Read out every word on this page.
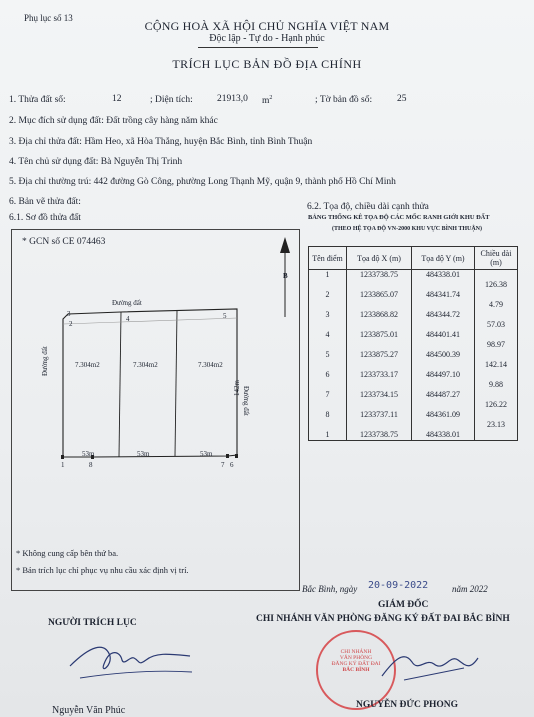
Phụ lục số 13
CỘNG HOÀ XÃ HỘI CHỦ NGHĨA VIỆT NAM
Độc lập - Tự do - Hạnh phúc
TRÍCH LỤC BẢN ĐỒ ĐỊA CHÍNH
1. Thửa đất số:	12	; Diện tích:	21913,0 $m^2$	; Tờ bản đồ số:	25
2. Mục đích sử dụng đất: Đất trồng cây hàng năm khác
3. Địa chỉ thửa đất: Hầm Heo, xã Hòa Thắng, huyện Bắc Bình, tỉnh Bình Thuận
4. Tên chủ sử dụng đất: Bà Nguyễn Thị Trinh
5. Địa chỉ thường trú: 442 đường Gò Công, phường Long Thạnh Mỹ, quận 9, thành phố Hồ Chí Minh
6. Bản vẽ thửa đất:
6.1. Sơ đồ thửa đất
6.2. Tọa độ, chiều dài cạnh thửa
* GCN số CE 074463
B
Đường đất
Đường đất
Đường đất
142m
3
2
4	5
7.304m2	7.304m2	7.304m2
53m	53m	53m
1	8	7 6
* Không cung cấp bên thứ ba.
* Bản trích lục chỉ phục vụ nhu cầu xác định vị trí.
BẢNG THỐNG KÊ TỌA ĐỘ CÁC MỐC RANH GIỚI KHU ĐẤT
(THEO HỆ TỌA ĐỘ VN-2000 KHU VỰC BÌNH THUẬN)
Tên điểm	Tọa độ X (m)	Tọa độ Y (m)	Chiều dài (m)
1	1233738.75	484338.01	
			126.38
2	1233865.07	484341.74	
			4.79
3	1233868.82	484344.72	
			57.03
4	1233875.01	484401.41	
			98.97
5	1233875.27	484500.39	
			142.14
6	1233733.17	484497.10	
			9.88
7	1233734.15	484487.27	
			126.22
8	1233737.11	484361.09	
			23.13
1	1233738.75	484338.01	
Bắc Bình, ngày 20-09-2022	năm 2022
GIÁM ĐỐC
CHI NHÁNH VĂN PHÒNG ĐĂNG KÝ ĐẤT ĐAI BẮC BÌNH
NGƯỜI TRÍCH LỤC
CHI NHÁNH
VĂN PHÒNG
ĐĂNG KÝ ĐẤT ĐAI
BẮC BÌNH
Nguyễn Văn Phúc	NGUYỄN ĐỨC PHONG
